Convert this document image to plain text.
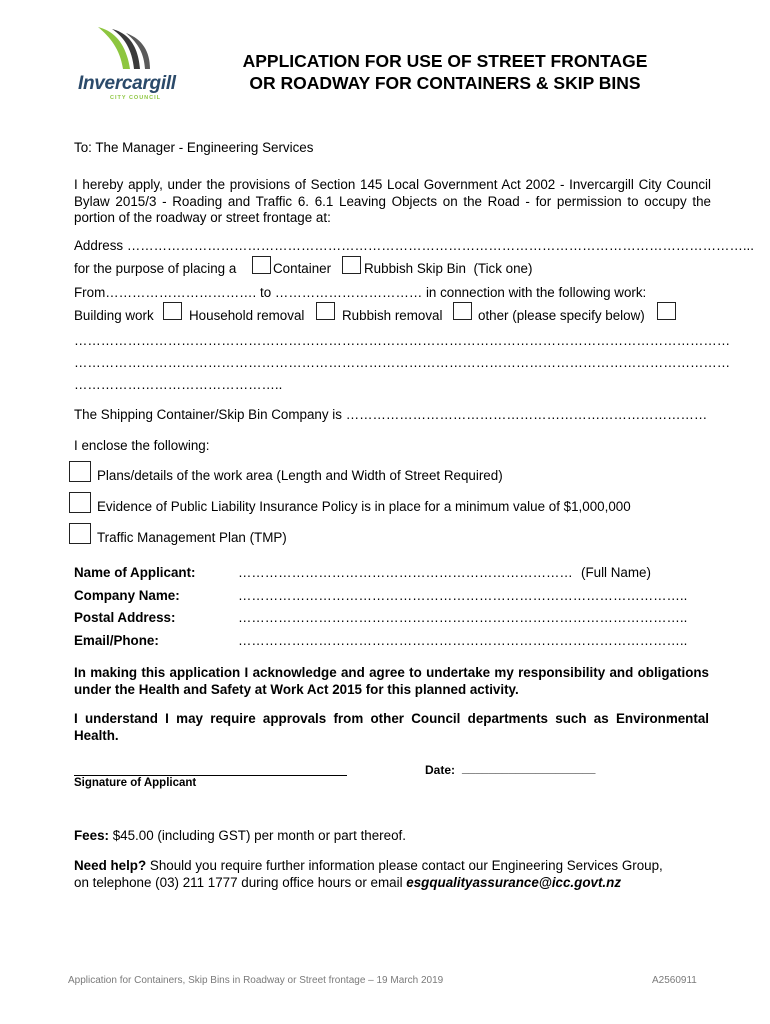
Invercargill
CITY COUNCIL
APPLICATION FOR USE OF STREET FRONTAGE
OR ROADWAY FOR CONTAINERS & SKIP BINS
To: The Manager - Engineering Services
I hereby apply, under the provisions of Section 145 Local Government Act 2002 - Invercargill City Council Bylaw 2015/3 - Roading and Traffic 6. 6.1 Leaving Objects on the Road - for permission to occupy the portion of the roadway or street frontage at:
Address …………………………………………………………………………………………………………………………...
for the purpose of placing a	Container Rubbish Skip Bin (Tick one)
From……………………………. to …………………………… in connection with the following work:
Building work	Household removal	Rubbish removal	other (please specify below)
…………………………………………………………………………………………………………………………………
…………………………………………………………………………………………………………………………………
………………………………………..
The Shipping Container/Skip Bin Company is ………………………………………………………………………
I enclose the following:
Plans/details of the work area (Length and Width of Street Required)
Evidence of Public Liability Insurance Policy is in place for a minimum value of $1,000,000
Traffic Management Plan (TMP)
Name of Applicant:	………………………………………………………………… (Full Name)
Company Name:	………………………………………………………………………………………..
Postal Address:	………………………………………………………………………………………..
Email/Phone:	………………………………………………………………………………………..
In making this application I acknowledge and agree to undertake my responsibility and obligations under the Health and Safety at Work Act 2015 for this planned activity.
I understand I may require approvals from other Council departments such as Environmental Health.
Signature of Applicant
Date: ____________________
Fees: $45.00 (including GST) per month or part thereof.
Need help? Should you require further information please contact our Engineering Services Group,
on telephone (03) 211 1777 during office hours or email esgqualityassurance@icc.govt.nz
Application for Containers, Skip Bins in Roadway or Street frontage – 19 March 2019	A2560911
